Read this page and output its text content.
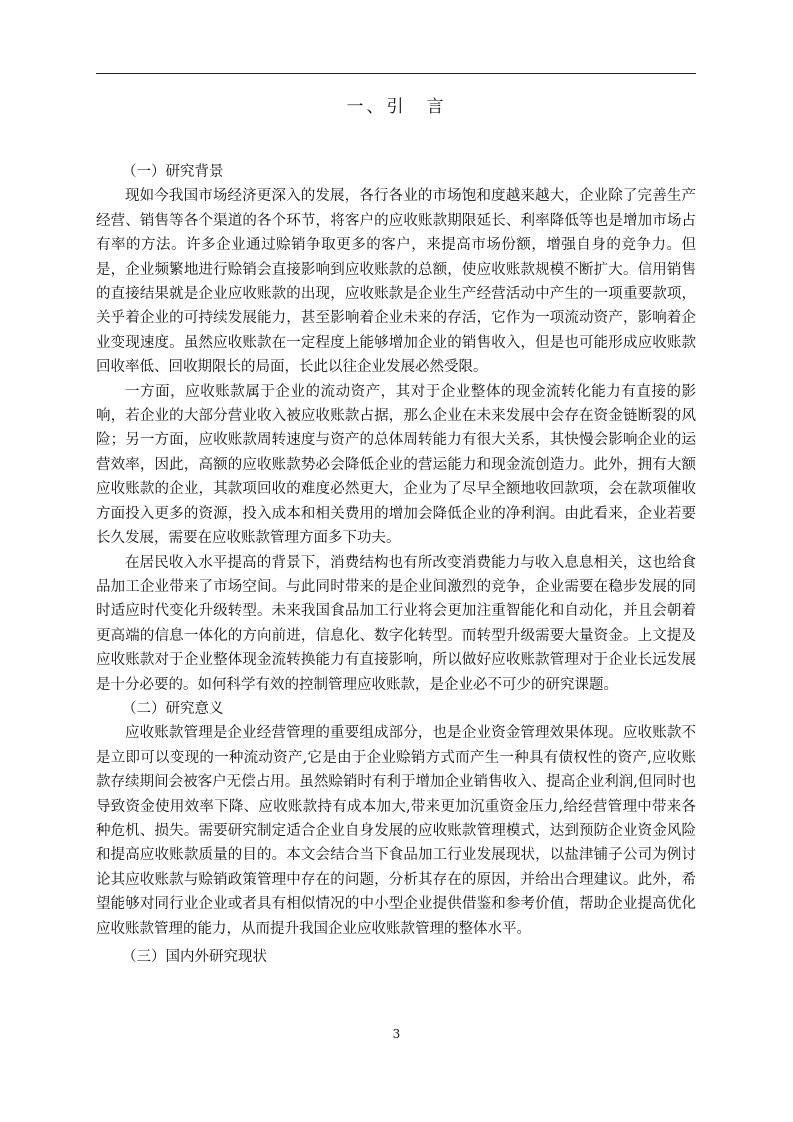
一、引　言
（一）研究背景

现如今我国市场经济更深入的发展，各行各业的市场饱和度越来越大，企业除了完善生产经营、销售等各个渠道的各个环节，将客户的应收账款期限延长、利率降低等也是增加市场占有率的方法。许多企业通过赊销争取更多的客户，来提高市场份额，增强自身的竞争力。但是，企业频繁地进行赊销会直接影响到应收账款的总额，使应收账款规模不断扩大。信用销售的直接结果就是企业应收账款的出现，应收账款是企业生产经营活动中产生的一项重要款项，关乎着企业的可持续发展能力，甚至影响着企业未来的存活，它作为一项流动资产，影响着企业变现速度。虽然应收账款在一定程度上能够增加企业的销售收入，但是也可能形成应收账款回收率低、回收期限长的局面，长此以往企业发展必然受限。

一方面，应收账款属于企业的流动资产，其对于企业整体的现金流转化能力有直接的影响，若企业的大部分营业收入被应收账款占据，那么企业在未来发展中会存在资金链断裂的风险；另一方面，应收账款周转速度与资产的总体周转能力有很大关系，其快慢会影响企业的运营效率，因此，高额的应收账款势必会降低企业的营运能力和现金流创造力。此外，拥有大额应收账款的企业，其款项回收的难度必然更大，企业为了尽早全额地收回款项，会在款项催收方面投入更多的资源，投入成本和相关费用的增加会降低企业的净利润。由此看来，企业若要长久发展，需要在应收账款管理方面多下功夫。

在居民收入水平提高的背景下，消费结构也有所改变消费能力与收入息息相关，这也给食品加工企业带来了市场空间。与此同时带来的是企业间激烈的竞争，企业需要在稳步发展的同时适应时代变化升级转型。未来我国食品加工行业将会更加注重智能化和自动化，并且会朝着更高端的信息一体化的方向前进，信息化、数字化转型。而转型升级需要大量资金。上文提及应收账款对于企业整体现金流转换能力有直接影响，所以做好应收账款管理对于企业长远发展是十分必要的。如何科学有效的控制管理应收账款，是企业必不可少的研究课题。

（二）研究意义

应收账款管理是企业经营管理的重要组成部分，也是企业资金管理效果体现。应收账款不是立即可以变现的一种流动资产,它是由于企业赊销方式而产生一种具有债权性的资产,应收账款存续期间会被客户无偿占用。虽然赊销时有利于增加企业销售收入、提高企业利润,但同时也导致资金使用效率下降、应收账款持有成本加大,带来更加沉重资金压力,给经营管理中带来各种危机、损失。需要研究制定适合企业自身发展的应收账款管理模式，达到预防企业资金风险和提高应收账款质量的目的。本文会结合当下食品加工行业发展现状，以盐津铺子公司为例讨论其应收账款与赊销政策管理中存在的问题，分析其存在的原因，并给出合理建议。此外，希望能够对同行业企业或者具有相似情况的中小型企业提供借鉴和参考价值，帮助企业提高优化应收账款管理的能力，从而提升我国企业应收账款管理的整体水平。

（三）国内外研究现状
3
